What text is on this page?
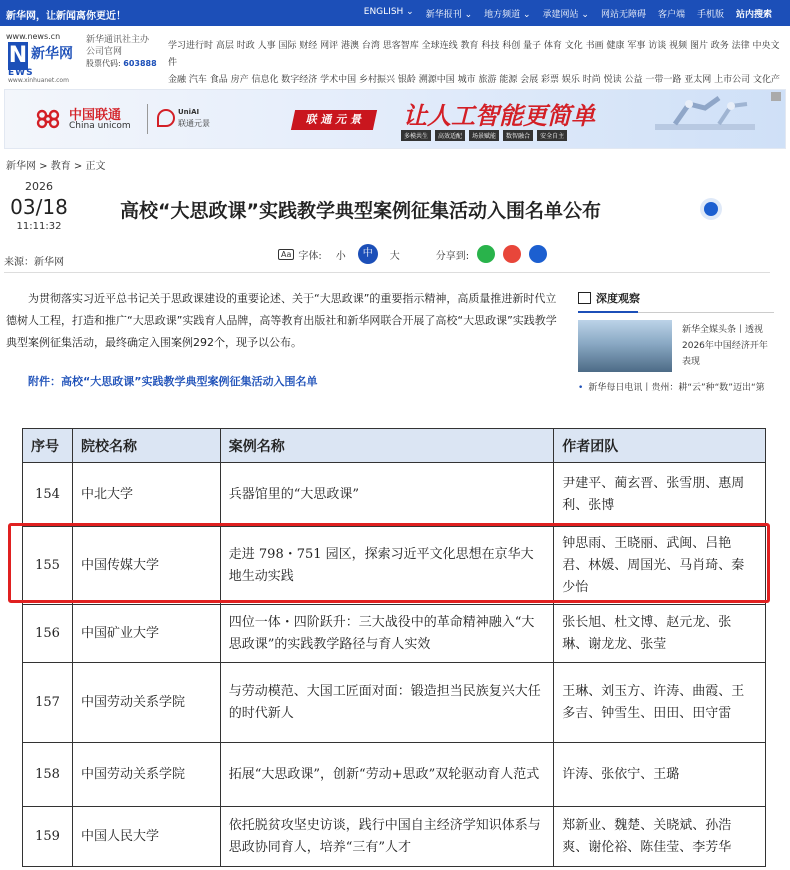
新华网，让新闻离你更近！	ENGLISH ⌄ 新华报刊 ⌄ 地方频道 ⌄ 承建网站 ⌄ 网站无障碍 客户端 手机版 站内搜索
www.news.cn
N 新华网
EWS
www.xinhuanet.com
新华通讯社主办
公司官网
股票代码: 603888
学习进行时 高层 时政 人事 国际 财经 网评 港澳 台湾 思客智库 全球连线 教育 科技 科创 量子 体育 文化 书画 健康 军事 访谈 视频 图片 政务 法律 中央文件
金融 汽车 食品 房产 信息化 数字经济 学术中国 乡村振兴 银龄 溯源中国 城市 旅游 能源 会展 彩票 娱乐 时尚 悦读 公益 一带一路 亚太网 上市公司 文化产
中国联通
China unicom
UniAI
联通元景	联 通 元 景	让人工智能 更简单
多模共生	高效适配	场景赋能	数智融合	安全自主
新华网 > 教育 > 正文
2026
03/18
11:11:32
来源：新华网
高校“大思政课”实践教学典型案例征集活动入围名单公布
Aa 字体: 小	中	大	分享到:

为贯彻落实习近平总书记关于思政课建设的重要论述、关于“大思政课”的重要指示精神，高质量推进新时代立德树人工程，打造和推广“大思政课”实践育人品牌，高等教育出版社和新华网联合开展了高校“大思政课”实践教学典型案例征集活动，最终确定入围案例292个，现予以公布。

附件：高校“大思政课”实践教学典型案例征集活动入围名单
深度观察
新华全媒头条丨透视2026年中国经济开年表现
• 新华每日电讯丨贵州：耕“云”种“数”迈出“第
序号	院校名称	案例名称	作者团队
154	中北大学	兵器馆里的“大思政课”	尹建平、蔺玄晋、张雪朋、惠周利、张博
155	中国传媒大学	走进 798・751 园区，探索习近平文化思想在京华大地生动实践	钟思雨、王晓丽、武闽、吕艳君、林媛、周国光、马肖琦、秦少怡
156	中国矿业大学	四位一体・四阶跃升：三大战役中的革命精神融入“大思政课”的实践教学路径与育人实效	张长旭、杜文博、赵元龙、张琳、谢龙龙、张莹
157	中国劳动关系学院	与劳动模范、大国工匠面对面：锻造担当民族复兴大任的时代新人	王琳、刘玉方、许涛、曲霞、王多吉、钟雪生、田田、田守雷
158	中国劳动关系学院	拓展“大思政课”，创新“劳动+思政”双轮驱动育人范式	许涛、张依宁、王璐
159	中国人民大学	依托脱贫攻坚史访谈，践行中国自主经济学知识体系与思政协同育人，培养“三有”人才	郑新业、魏楚、关晓斌、孙浩爽、谢伦裕、陈佳莹、李芳华
